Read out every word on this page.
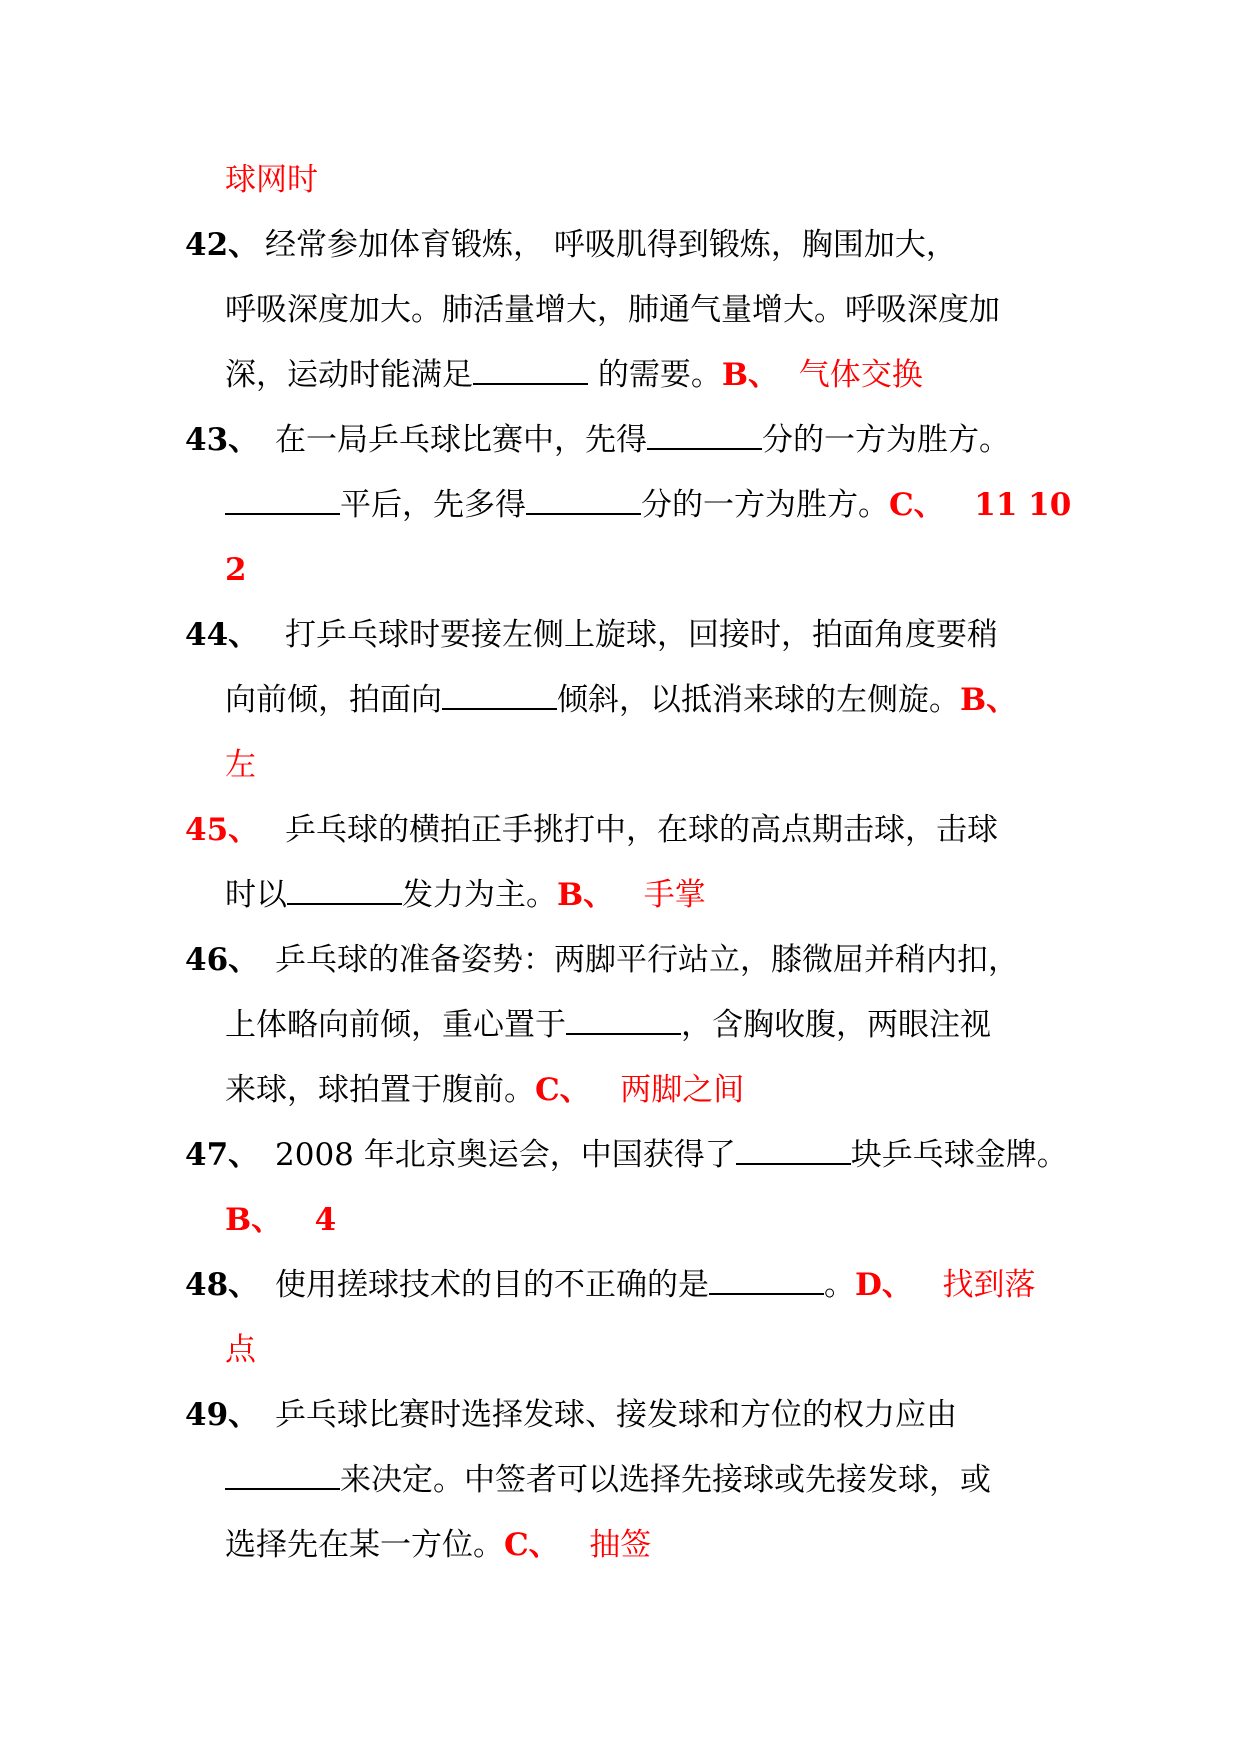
球网时
42、 经常参加体育锻炼， 呼吸肌得到锻炼，胸围加大，
呼吸深度加大。肺活量增大，肺通气量增大。呼吸深度加
深，运动时能满足	的需要。B、 气体交换
43、 在一局乒乓球比赛中，先得	分的一方为胜方。
平后，先多得	分的一方为胜方。C、 11 10
2
44、 打乒乓球时要接左侧上旋球，回接时，拍面角度要稍
向前倾，拍面向	倾斜，以抵消来球的左侧旋。B、
左
45、 乒乓球的横拍正手挑打中，在球的高点期击球，击球
时以	发力为主。B、 手掌
46、 乒乓球的准备姿势：两脚平行站立，膝微屈并稍内扣，
上体略向前倾，重心置于	，含胸收腹，两眼注视
来球，球拍置于腹前。C、 两脚之间
47、 2008 年北京奥运会，中国获得了	块乒乓球金牌。
B、 4
48、 使用搓球技术的目的不正确的是	。D、 找到落
点
49、 乒乓球比赛时选择发球、接发球和方位的权力应由
来决定。中签者可以选择先接球或先接发球，或
选择先在某一方位。C、 抽签
